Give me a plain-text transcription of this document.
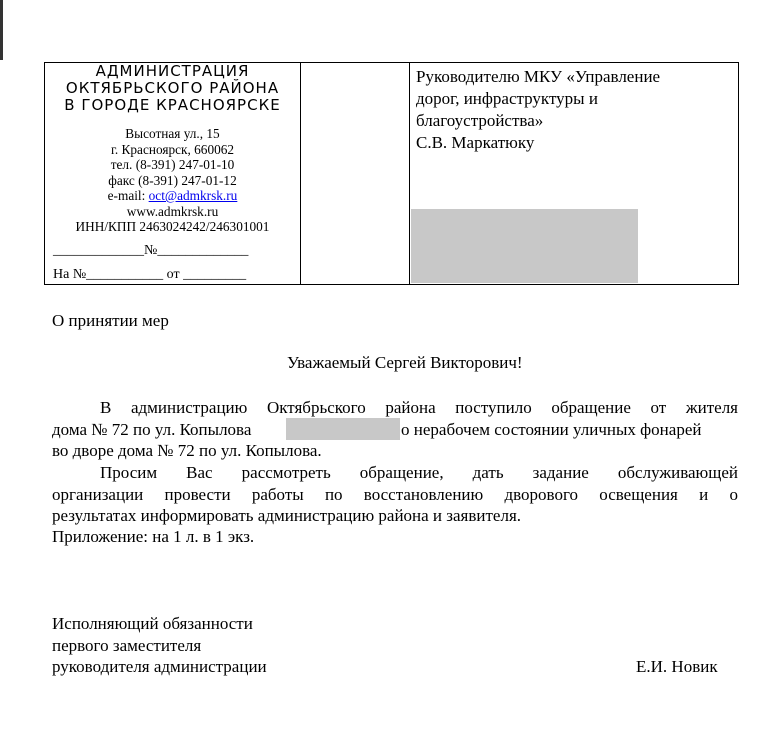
АДМИНИСТРАЦИЯ
ОКТЯБРЬСКОГО РАЙОНА
В ГОРОДЕ КРАСНОЯРСКЕ
Высотная ул., 15
г. Красноярск, 660062
тел. (8-391) 247-01-10
факс (8-391) 247-01-12
e-mail: oct@admkrsk.ru
www.admkrsk.ru
ИНН/КПП 2463024242/246301001
_____________№_____________
На №___________ от _________
Руководителю МКУ «Управление
дорог, инфраструктуры и
благоустройства»
С.В. Маркатюку
О принятии мер
Уважаемый Сергей Викторович!
В администрацию Октябрьского района поступило обращение от жителя
дома № 72 по ул. Копылова	о нерабочем состоянии уличных фонарей
во дворе дома № 72 по ул. Копылова.
Просим Вас рассмотреть обращение, дать задание обслуживающей
организации провести работы по восстановлению дворового освещения и о
результатах информировать администрацию района и заявителя.
Приложение: на 1 л. в 1 экз.
Исполняющий обязанности
первого заместителя
руководителя администрации	Е.И. Новик
